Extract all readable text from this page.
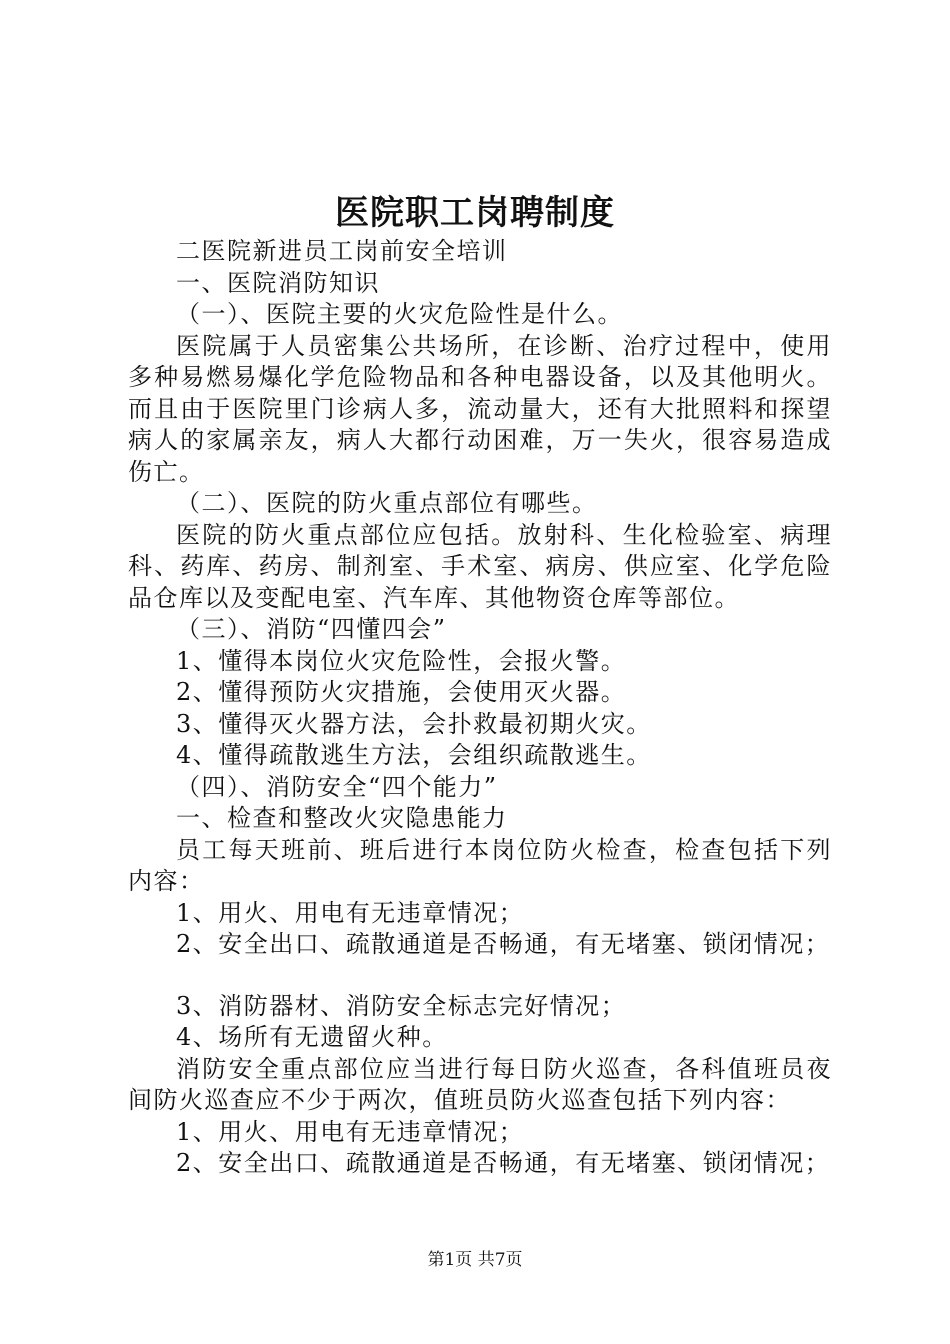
医院职工岗聘制度

二医院新进员工岗前安全培训

一、医院消防知识

（一）、医院主要的火灾危险性是什么。

医院属于人员密集公共场所，在诊断、治疗过程中，使用多种易燃易爆化学危险物品和各种电器设备，以及其他明火。而且由于医院里门诊病人多，流动量大，还有大批照料和探望病人的家属亲友，病人大都行动困难，万一失火，很容易造成伤亡。

（二）、医院的防火重点部位有哪些。

医院的防火重点部位应包括。放射科、生化检验室、病理科、药库、药房、制剂室、手术室、病房、供应室、化学危险品仓库以及变配电室、汽车库、其他物资仓库等部位。

（三）、消防“四懂四会”

1、懂得本岗位火灾危险性，会报火警。

2、懂得预防火灾措施，会使用灭火器。

3、懂得灭火器方法，会扑救最初期火灾。

4、懂得疏散逃生方法，会组织疏散逃生。

（四）、消防安全“四个能力”

一、检查和整改火灾隐患能力

员工每天班前、班后进行本岗位防火检查，检查包括下列内容：

1、用火、用电有无违章情况；

2、安全出口、疏散通道是否畅通，有无堵塞、锁闭情况；

3、消防器材、消防安全标志完好情况；

4、场所有无遗留火种。

消防安全重点部位应当进行每日防火巡查，各科值班员夜间防火巡查应不少于两次，值班员防火巡查包括下列内容：

1、用火、用电有无违章情况；

2、安全出口、疏散通道是否畅通，有无堵塞、锁闭情况；

第1页 共7页
